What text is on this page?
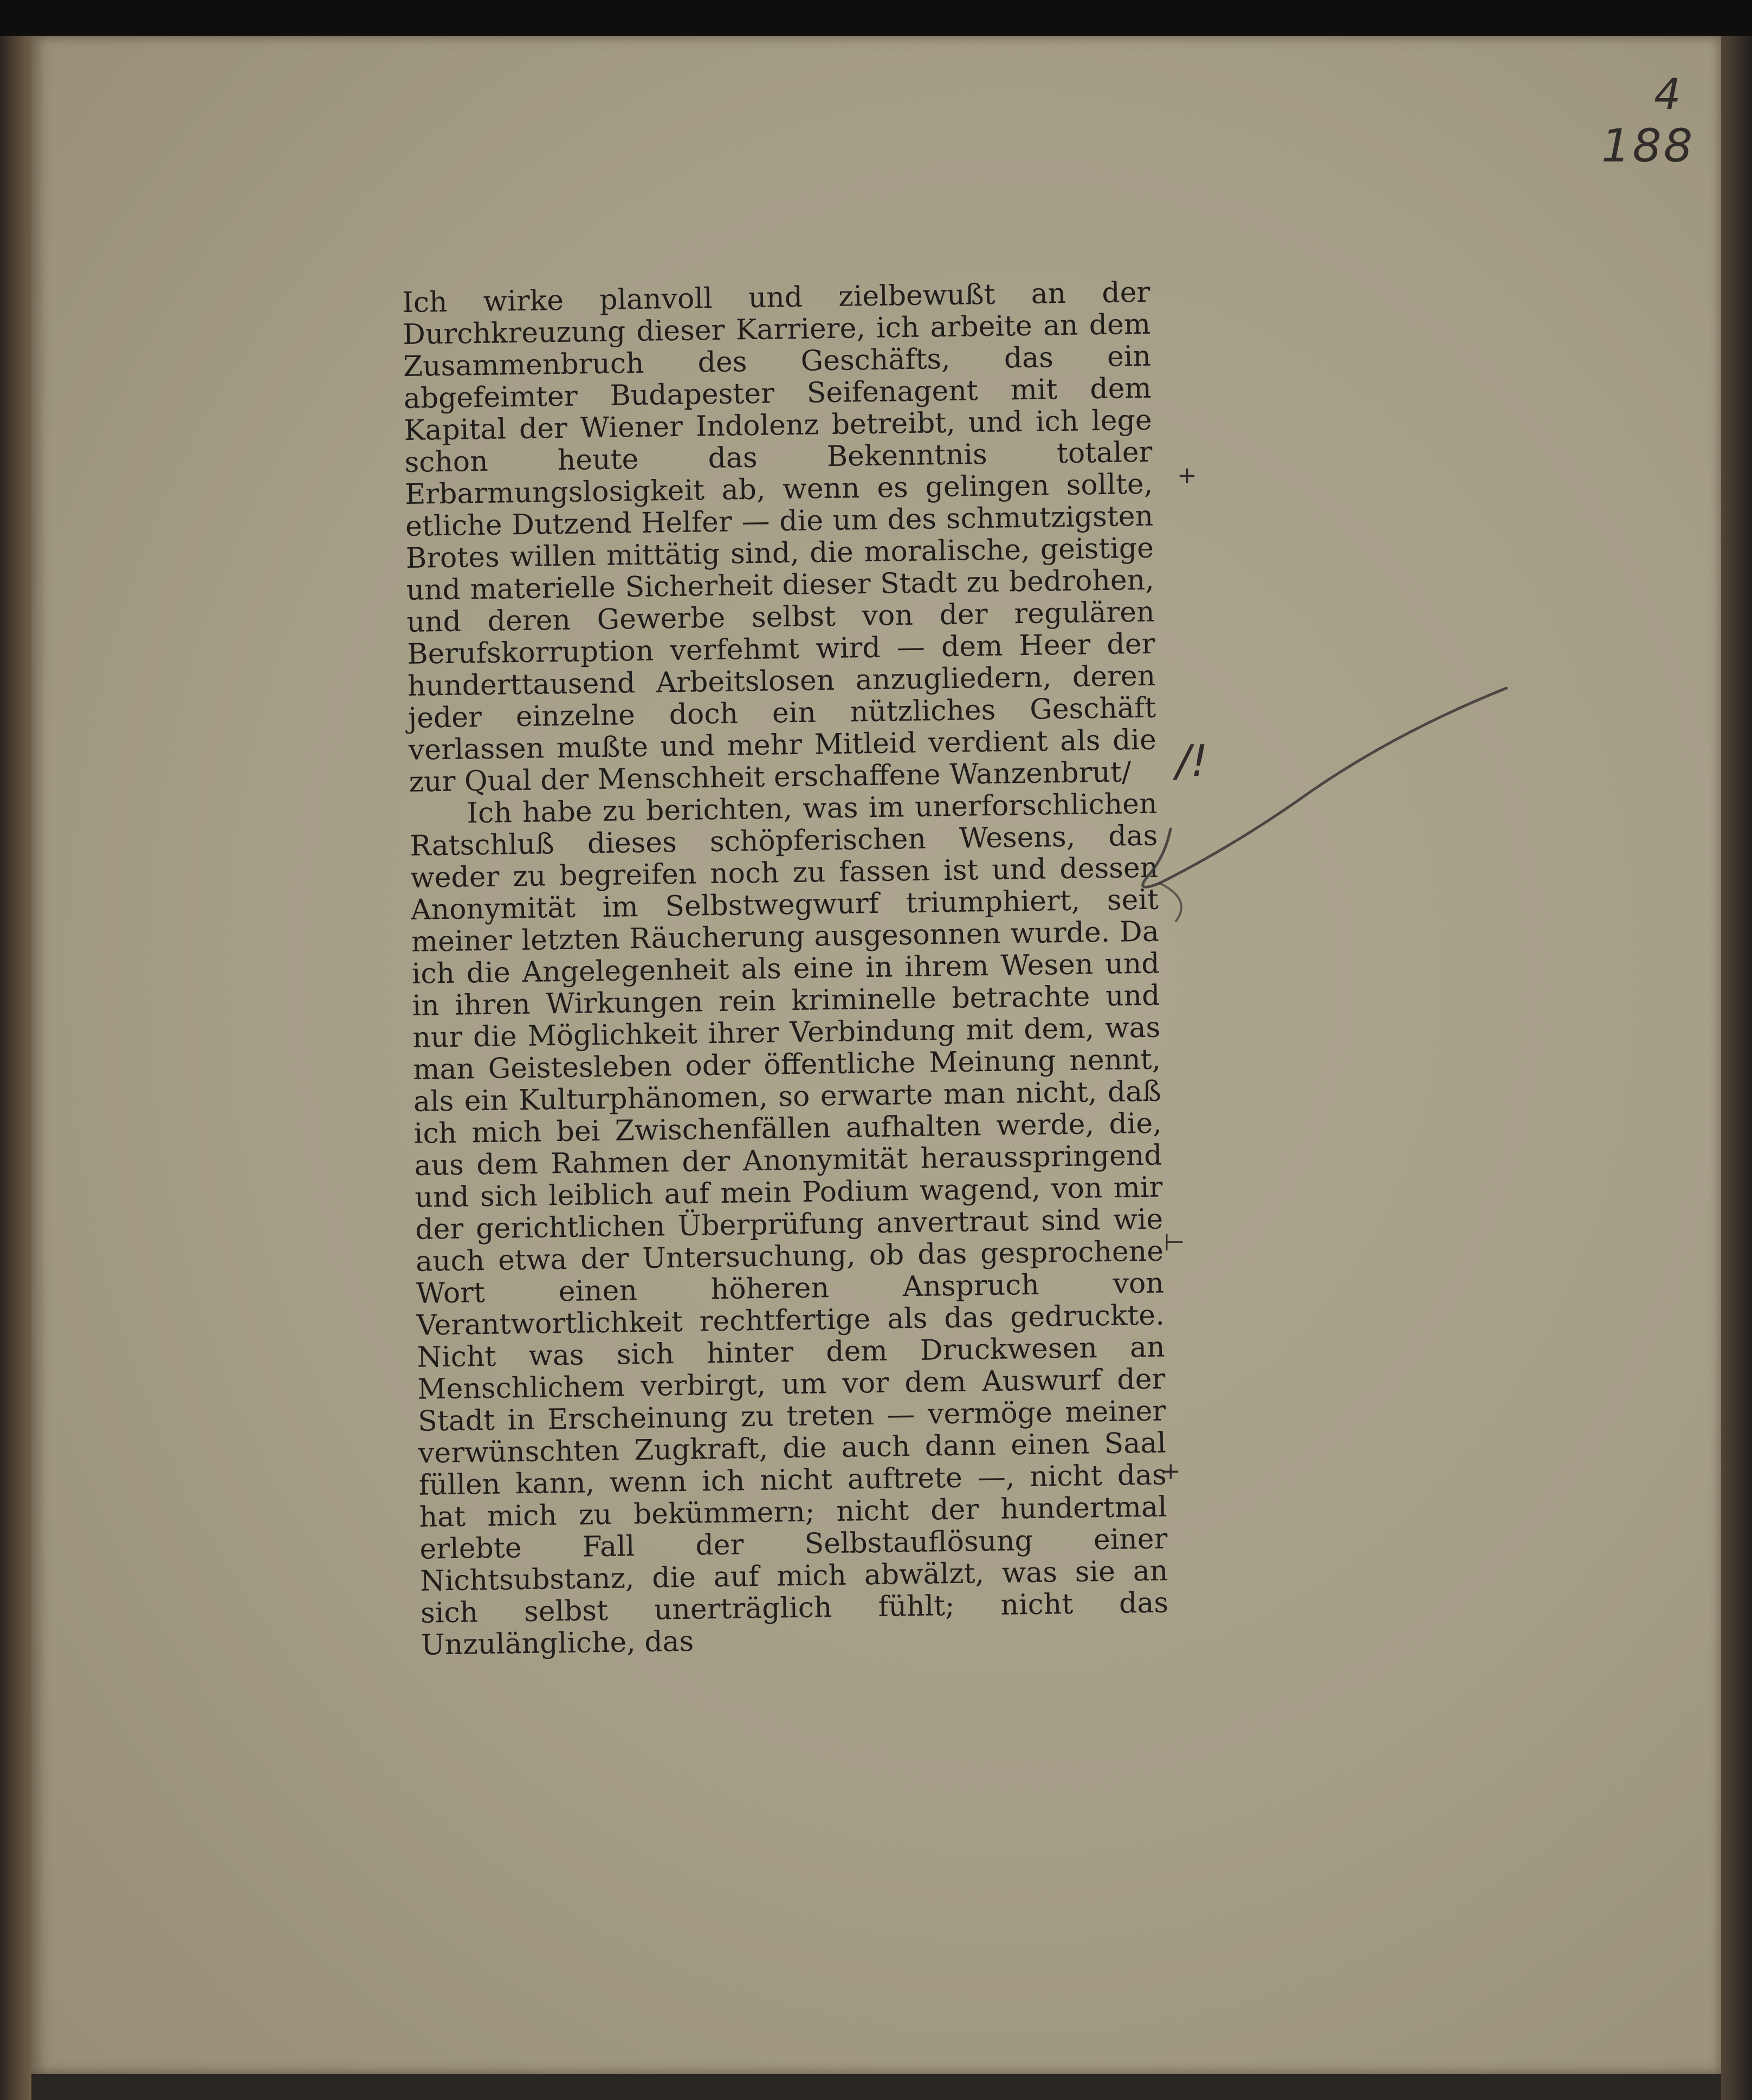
4

188

Ich wirke planvoll und zielbewußt an der Durchkreuzung dieser Karriere, ich arbeite an dem Zusammenbruch des Geschäfts, das ein abgefeimter Budapester Seifenagent mit dem Kapital der Wiener Indolenz betreibt, und ich lege schon heute das Bekenntnis totaler Erbarmungslosigkeit ab, wenn es gelingen sollte, etliche Dutzend Helfer — die um des schmutzigsten Brotes willen mittätig sind, die moralische, geistige und materielle Sicherheit dieser Stadt zu bedrohen, und deren Gewerbe selbst von der regulären Berufskorruption verfehmt wird — dem Heer der hunderttausend Arbeitslosen anzugliedern, deren jeder einzelne doch ein nützliches Geschäft verlassen mußte und mehr Mitleid verdient als die zur Qual der Menschheit erschaffene Wanzenbrut/

Ich habe zu berichten, was im unerforschlichen Ratschluß dieses schöpferischen Wesens, das weder zu begreifen noch zu fassen ist und dessen Anonymität im Selbstwegwurf triumphiert, seit meiner letzten Räucherung ausgesonnen wurde. Da ich die Angelegenheit als eine in ihrem Wesen und in ihren Wirkungen rein kriminelle betrachte und nur die Möglichkeit ihrer Verbindung mit dem, was man Geistesleben oder öffentliche Meinung nennt, als ein Kulturphänomen, so erwarte man nicht, daß ich mich bei Zwischenfällen aufhalten werde, die, aus dem Rahmen der Anonymität herausspringend und sich leiblich auf mein Podium wagend, von mir der gerichtlichen Überprüfung anvertraut sind wie auch etwa der Untersuchung, ob das gesprochene Wort einen höheren Anspruch von Verantwortlichkeit rechtfertige als das gedruckte. Nicht was sich hinter dem Druckwesen an Menschlichem verbirgt, um vor dem Auswurf der Stadt in Erscheinung zu treten — vermöge meiner verwünschten Zugkraft, die auch dann einen Saal füllen kann, wenn ich nicht auftrete —, nicht das hat mich zu bekümmern; nicht der hundertmal erlebte Fall der Selbstauflösung einer Nichtsubstanz, die auf mich abwälzt, was sie an sich selbst unerträglich fühlt; nicht das Unzulängliche, das

+

⊢

+

/!
